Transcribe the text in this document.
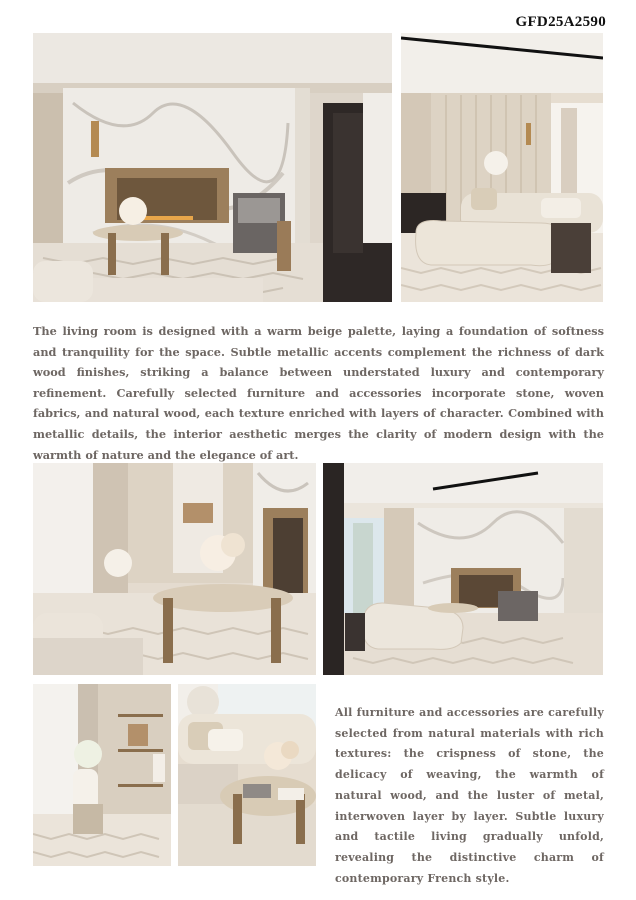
GFD25A2590

The living room is designed with a warm beige palette, laying a foundation of softness and tranquility for the space. Subtle metallic accents complement the richness of dark wood finishes, striking a balance between understated luxury and contemporary refinement. Carefully selected furniture and accessories incorporate stone, woven fabrics, and natural wood, each texture enriched with layers of character. Combined with metallic details, the interior aesthetic merges the clarity of modern design with the warmth of nature and the elegance of art.

All furniture and accessories are carefully selected from natural materials with rich textures: the crispness of stone, the delicacy of weaving, the warmth of natural wood, and the luster of metal, interwoven layer by layer. Subtle luxury and tactile living gradually unfold, revealing the distinctive charm of contemporary French style.
